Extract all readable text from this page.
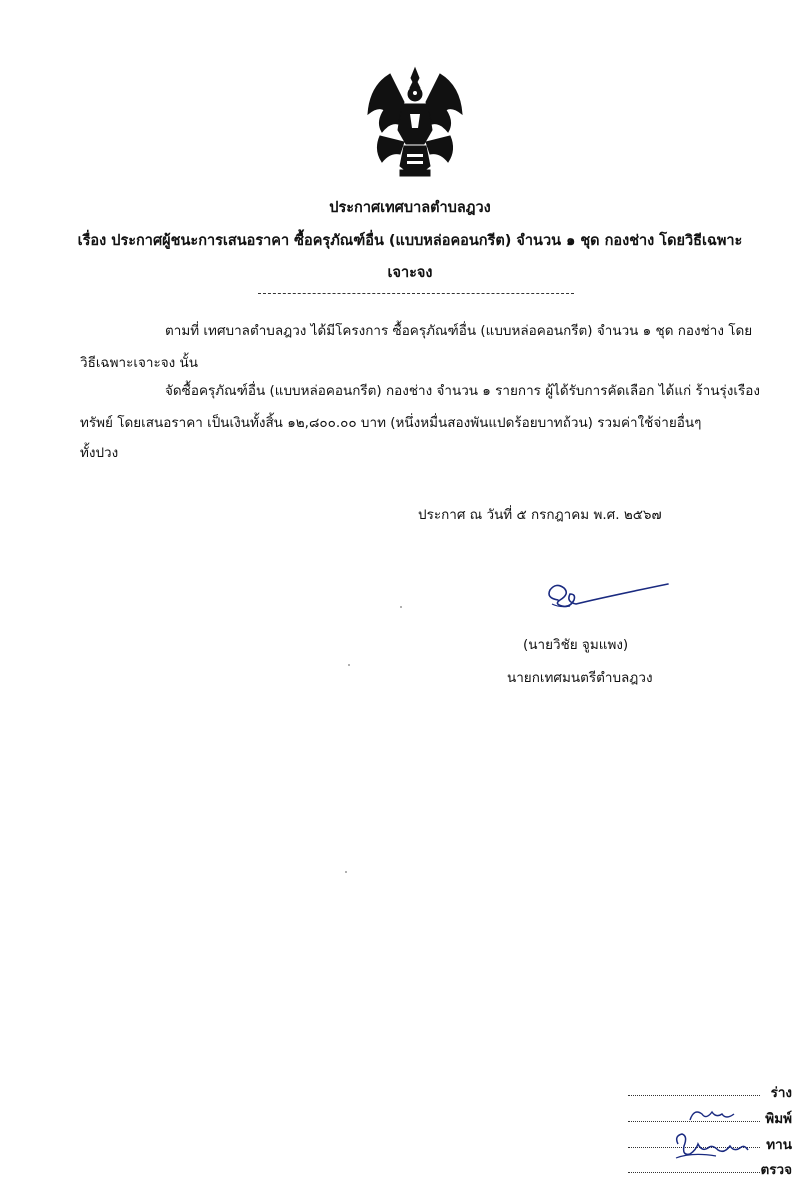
ประกาศเทศบาลตำบลฎวง
เรื่อง ประกาศผู้ชนะการเสนอราคา ซื้อครุภัณฑ์อื่น (แบบหล่อคอนกรีต) จำนวน ๑ ชุด กองช่าง โดยวิธีเฉพาะ
เจาะจง
ตามที่ เทศบาลตำบลฎวง ได้มีโครงการ ซื้อครุภัณฑ์อื่น (แบบหล่อคอนกรีต) จำนวน ๑ ชุด กองช่าง โดย
วิธีเฉพาะเจาะจง นั้น
จัดซื้อครุภัณฑ์อื่น (แบบหล่อคอนกรีต) กองช่าง จำนวน ๑ รายการ ผู้ได้รับการคัดเลือก ได้แก่ ร้านรุ่งเรือง
ทรัพย์ โดยเสนอราคา เป็นเงินทั้งสิ้น ๑๒,๘๐๐.๐๐ บาท (หนึ่งหมื่นสองพันแปดร้อยบาทถ้วน) รวมค่าใช้จ่ายอื่นๆ
ทั้งปวง
ประกาศ ณ วันที่ ๕ กรกฎาคม พ.ศ. ๒๕๖๗
(นายวิชัย จูมแพง)
นายกเทศมนตรีตำบลฎวง
ร่าง
พิมพ์
ทาน
ตรวจ
